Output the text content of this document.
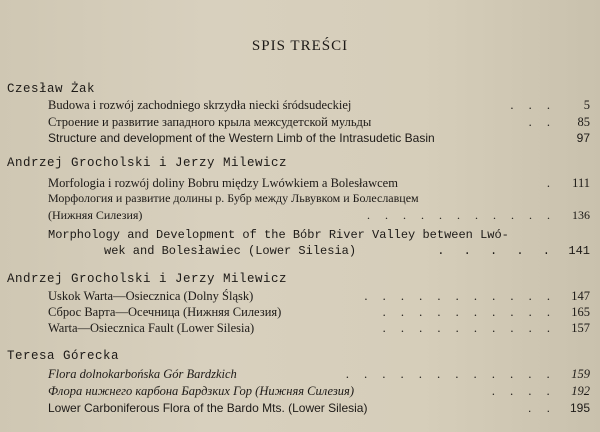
SPIS TREŚCI
Czesław Żak
Budowa i rozwój zachodniego skrzydła niecki śródsudeckiej	. . .	5
Строение и развитие западного крыла межсудетской мульды	. .	85
Structure and development of the Western Limb of the Intrasudetic Basin	97
Andrzej Grocholski i Jerzy Milewicz
Morfologia i rozwój doliny Bobru między Lwówkiem a Bolesławcem	.	111
Морфология и развитие долины р. Бубр между Львувком и Болеславцем
(Нижняя Силезия)	. . . . . . . . . . .	136
Morphology and Development of the Bóbr River Valley between Lwó-
wek and Bolesławiec (Lower Silesia)	. . . . .	141
Andrzej Grocholski i Jerzy Milewicz
Uskok Warta—Osiecznica (Dolny Śląsk)	. . . . . . . . . . .	147
Сброс Варта—Осечница (Нижняя Силезия)	. . . . . . . . . .	165
Warta—Osiecznica Fault (Lower Silesia)	. . . . . . . . . .	157
Teresa Górecka
Flora dolnokarbońska Gór Bardzkich	. . . . . . . . . . . .	159
Флора нижнего карбона Бардзких Гор (Нижняя Силезия)	. . . .	192
Lower Carboniferous Flora of the Bardo Mts. (Lower Silesia)	. .	195
